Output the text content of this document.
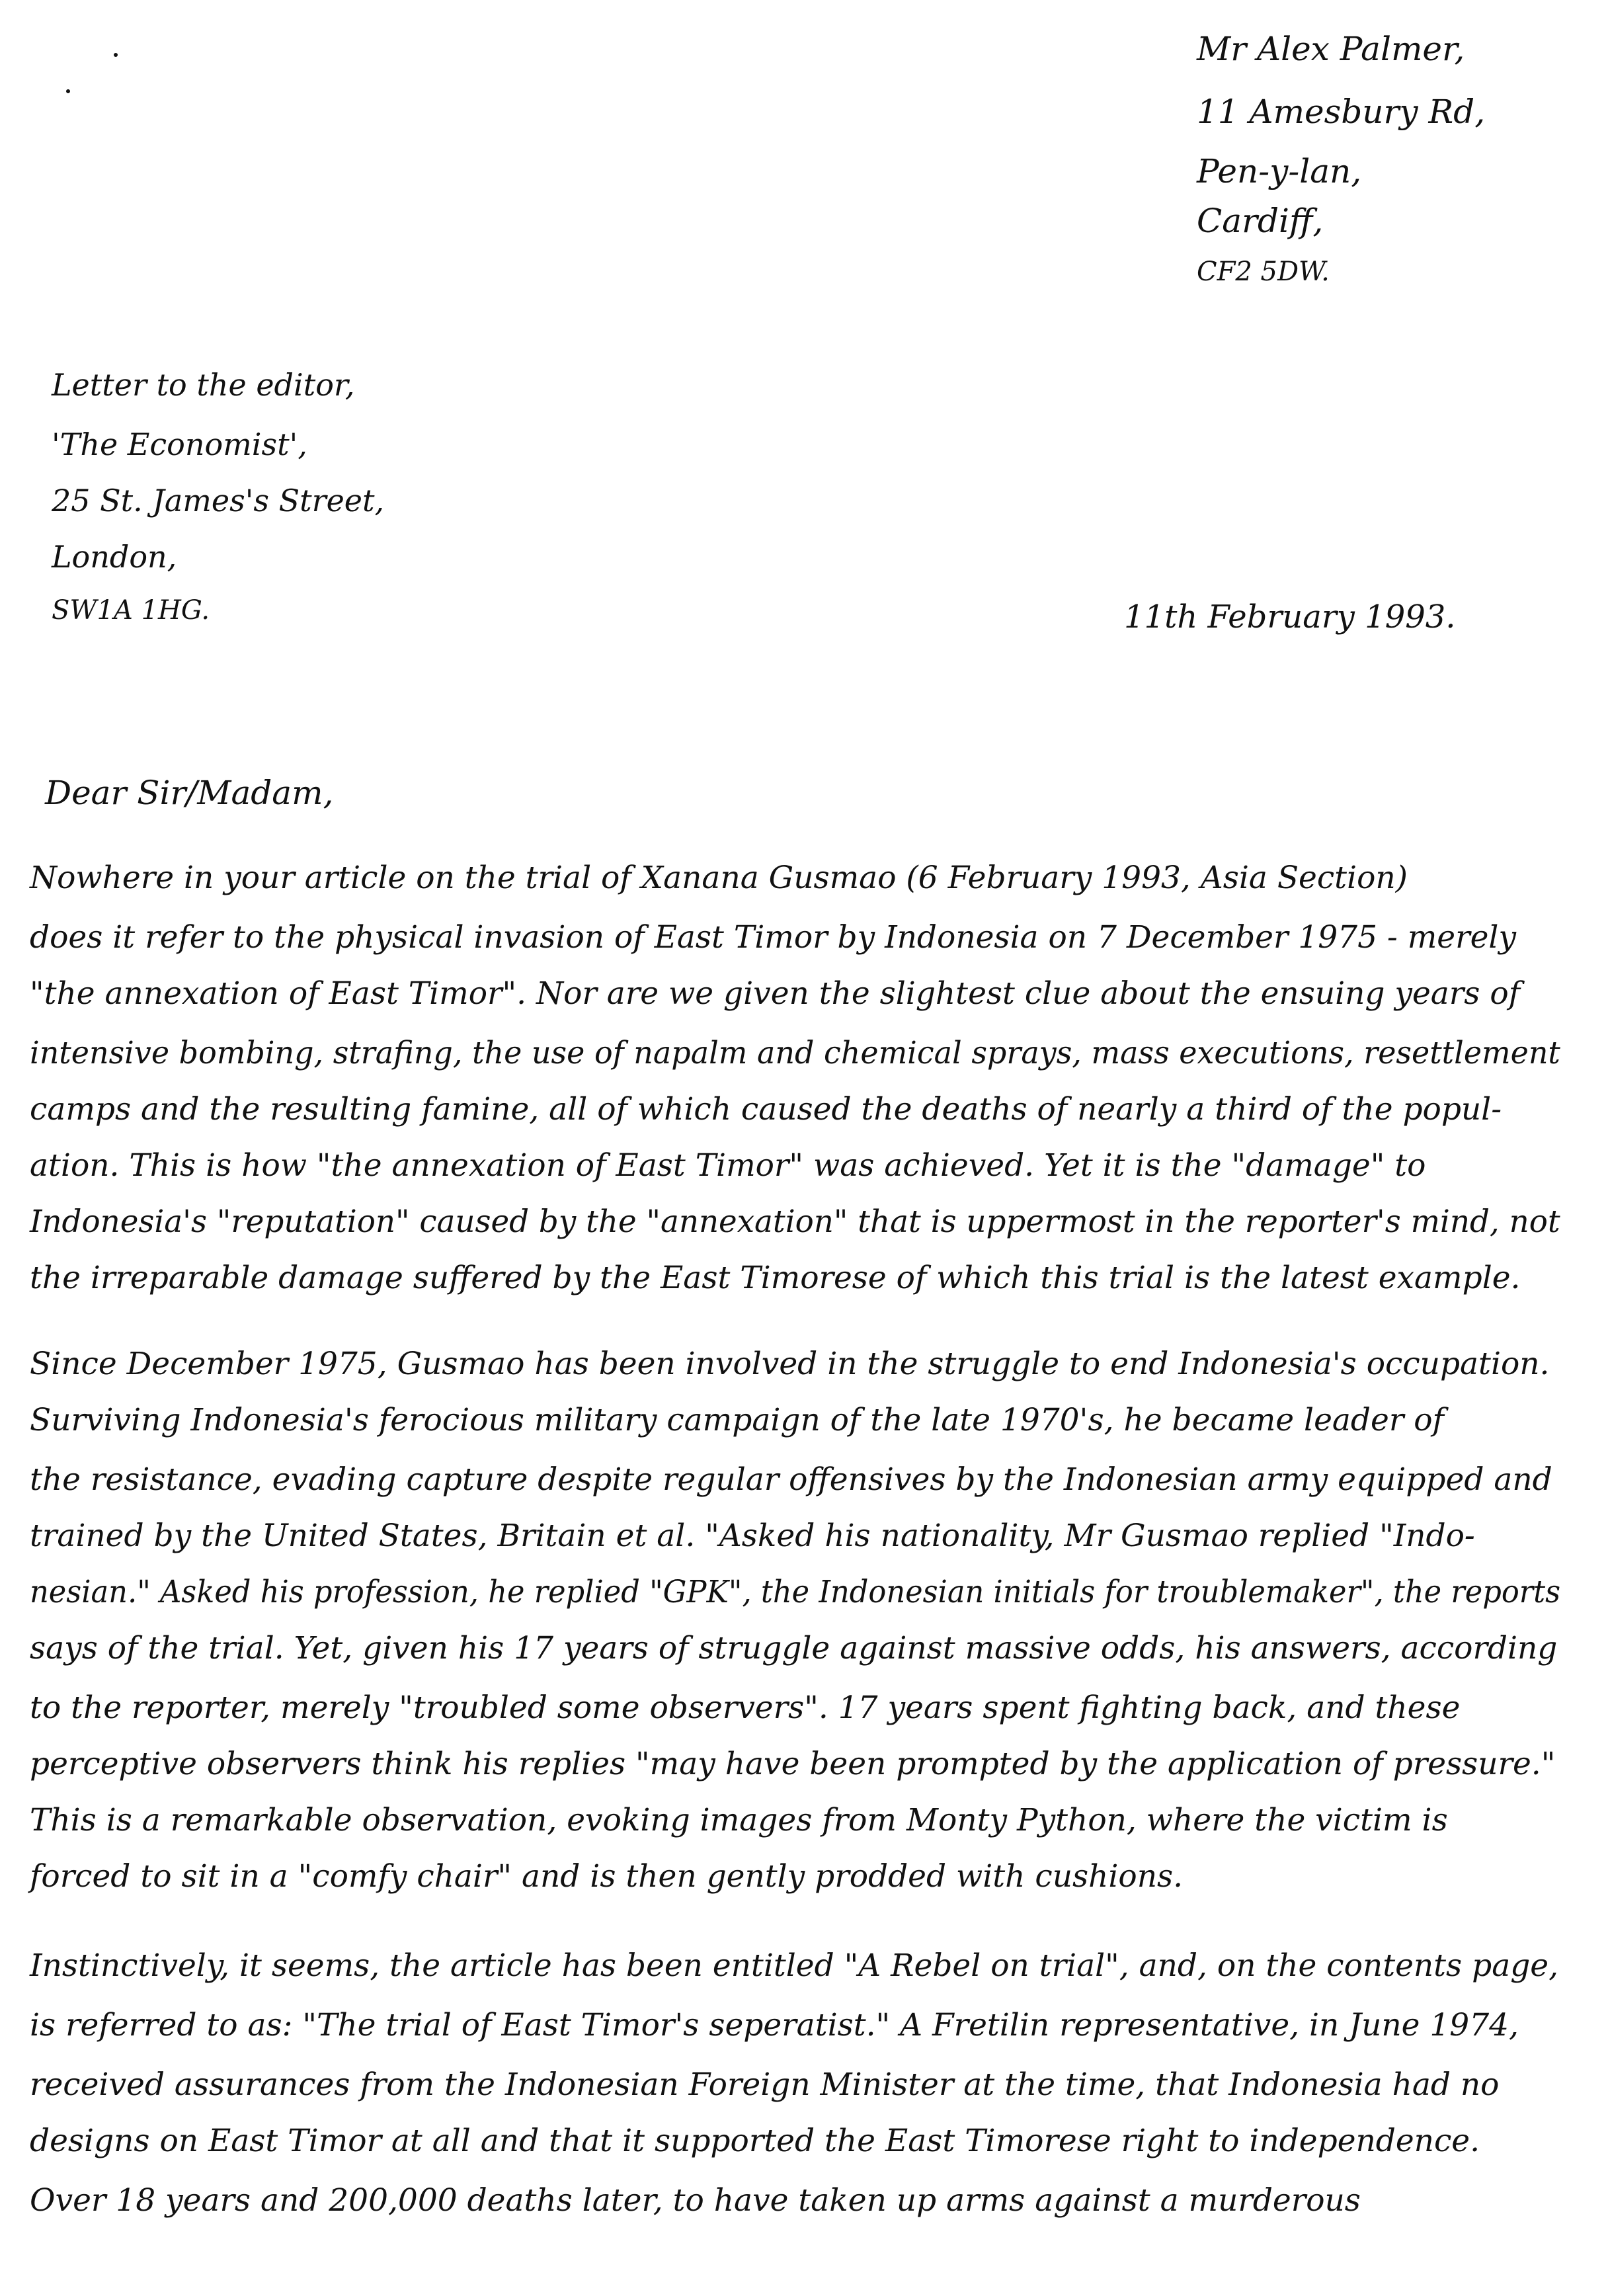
Mr Alex Palmer,
11 Amesbury Rd,
Pen-y-lan,
Cardiff,
CF2 5DW.
Letter to the editor,
'The Economist',
25 St. James's Street,
London,
SW1A 1HG.	11th February 1993.
Dear Sir/Madam,
Nowhere in your article on the trial of Xanana Gusmao (6 February 1993, Asia Section)
does it refer to the physical invasion of East Timor by Indonesia on 7 December 1975 - merely
"the annexation of East Timor". Nor are we given the slightest clue about the ensuing years of
intensive bombing, strafing, the use of napalm and chemical sprays, mass executions, resettlement
camps and the resulting famine, all of which caused the deaths of nearly a third of the popul-
ation. This is how "the annexation of East Timor" was achieved. Yet it is the "damage" to
Indonesia's "reputation" caused by the "annexation" that is uppermost in the reporter's mind, not
the irreparable damage suffered by the East Timorese of which this trial is the latest example.
Since December 1975, Gusmao has been involved in the struggle to end Indonesia's occupation.
Surviving Indonesia's ferocious military campaign of the late 1970's, he became leader of
the resistance, evading capture despite regular offensives by the Indonesian army equipped and
trained by the United States, Britain et al. "Asked his nationality, Mr Gusmao replied "Indo-
nesian." Asked his profession, he replied "GPK", the Indonesian initials for troublemaker", the reports
says of the trial. Yet, given his 17 years of struggle against massive odds, his answers, according
to the reporter, merely "troubled some observers". 17 years spent fighting back, and these
perceptive observers think his replies "may have been prompted by the application of pressure."
This is a remarkable observation, evoking images from Monty Python, where the victim is
forced to sit in a "comfy chair" and is then gently prodded with cushions.
Instinctively, it seems, the article has been entitled "A Rebel on trial", and, on the contents page,
is referred to as: "The trial of East Timor's seperatist." A Fretilin representative, in June 1974,
received assurances from the Indonesian Foreign Minister at the time, that Indonesia had no
designs on East Timor at all and that it supported the East Timorese right to independence.
Over 18 years and 200,000 deaths later, to have taken up arms against a murderous
